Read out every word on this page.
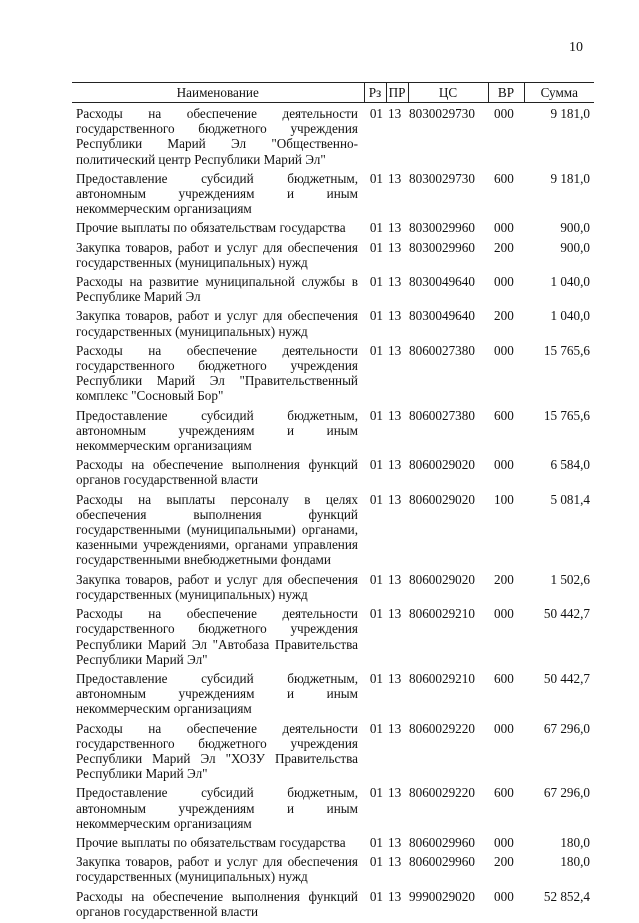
10
Наименование	Рз	ПР	ЦС	ВР	Сумма
Расходы на обеспечение деятельности государственного бюджетного учреждения Республики Марий Эл "Общественно-политический центр Республики Марий Эл"	01	13	8030029730	000	9 181,0
Предоставление субсидий бюджетным, автономным учреждениям и иным некоммерческим организациям	01	13	8030029730	600	9 181,0
Прочие выплаты по обязательствам государства	01	13	8030029960	000	900,0
Закупка товаров, работ и услуг для обеспечения государственных (муниципальных) нужд	01	13	8030029960	200	900,0
Расходы на развитие муниципальной службы в Республике Марий Эл	01	13	8030049640	000	1 040,0
Закупка товаров, работ и услуг для обеспечения государственных (муниципальных) нужд	01	13	8030049640	200	1 040,0
Расходы на обеспечение деятельности государственного бюджетного учреждения Республики Марий Эл "Правительственный комплекс "Сосновый Бор"	01	13	8060027380	000	15 765,6
Предоставление субсидий бюджетным, автономным учреждениям и иным некоммерческим организациям	01	13	8060027380	600	15 765,6
Расходы на обеспечение выполнения функций органов государственной власти	01	13	8060029020	000	6 584,0
Расходы на выплаты персоналу в целях обеспечения выполнения функций государственными (муниципальными) органами, казенными учреждениями, органами управления государственными внебюджетными фондами	01	13	8060029020	100	5 081,4
Закупка товаров, работ и услуг для обеспечения государственных (муниципальных) нужд	01	13	8060029020	200	1 502,6
Расходы на обеспечение деятельности государственного бюджетного учреждения Республики Марий Эл "Автобаза Правительства Республики Марий Эл"	01	13	8060029210	000	50 442,7
Предоставление субсидий бюджетным, автономным учреждениям и иным некоммерческим организациям	01	13	8060029210	600	50 442,7
Расходы на обеспечение деятельности государственного бюджетного учреждения Республики Марий Эл "ХОЗУ Правительства Республики Марий Эл"	01	13	8060029220	000	67 296,0
Предоставление субсидий бюджетным, автономным учреждениям и иным некоммерческим организациям	01	13	8060029220	600	67 296,0
Прочие выплаты по обязательствам государства	01	13	8060029960	000	180,0
Закупка товаров, работ и услуг для обеспечения государственных (муниципальных) нужд	01	13	8060029960	200	180,0
Расходы на обеспечение выполнения функций органов государственной власти	01	13	9990029020	000	52 852,4
